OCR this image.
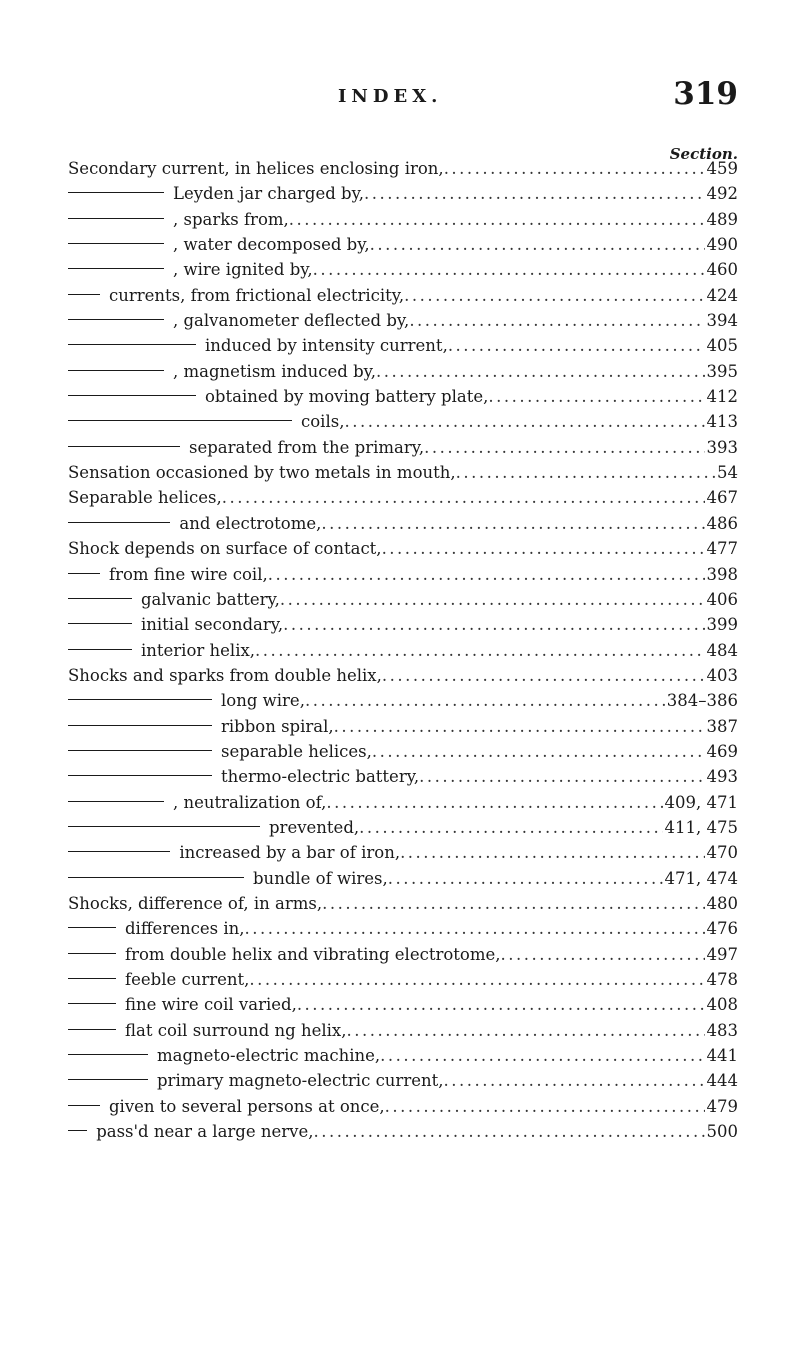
INDEX.	319
Section.
Secondary current, in helices enclosing iron, .....	459
Leyden jar charged by, .....	492
, sparks from, .....	489
, water decomposed by, .....	490
, wire ignited by, .....	460
currents, from frictional electricity, .....	424
, galvanometer deflected by, .....	394
induced by intensity current, .....	405
, magnetism induced by, .....	395
obtained by moving battery plate, .....	412
coils, .....	413
separated from the primary, .....	393
Sensation occasioned by two metals in mouth, .....	54
Separable helices, .....	467
and electrotome, .....	486
Shock depends on surface of contact, .....	477
from fine wire coil, .....	398
galvanic battery, .....	406
initial secondary, .....	399
interior helix, .....	484
Shocks and sparks from double helix, .....	403
long wire, .....	384–386
ribbon spiral, .....	387
separable helices, .....	469
thermo-electric battery, .....	493
, neutralization of, .....	409, 471
prevented, .....	411, 475
increased by a bar of iron, .....	470
bundle of wires, .....	471, 474
Shocks, difference of, in arms, .....	480
differences in, .....	476
from double helix and vibrating electrotome, .....	497
feeble current, .....	478
fine wire coil varied, .....	408
flat coil surround ng helix, .....	483
magneto-electric machine, .....	441
primary magneto-electric current, .....	444
given to several persons at once, .....	479
pass'd near a large nerve, .....	500
